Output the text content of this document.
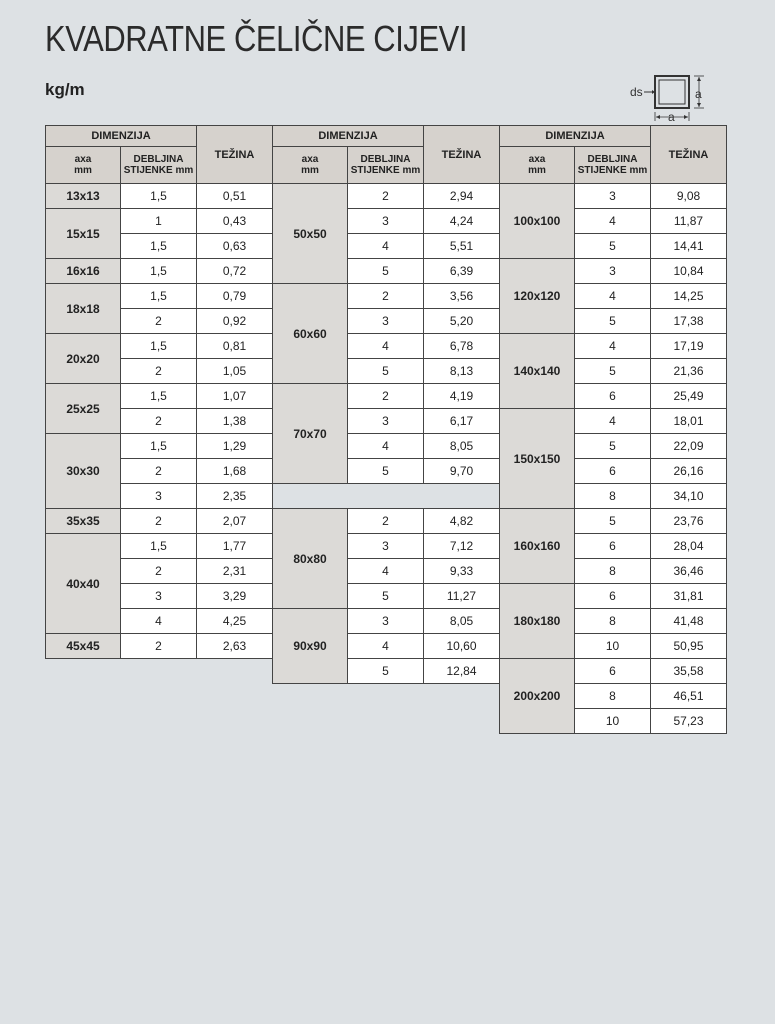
KVADRATNE ČELIČNE CIJEVI
kg/m	ds	a
a
DIMENZIJA		TEŽINA
axa
mm	DEBLJINA
STIJENKE mm	
13x13	1,5	0,51
15x15	1	0,43
	1,5	0,63
16x16	1,5	0,72
18x18	1,5	0,79
	2	0,92
20x20	1,5	0,81
	2	1,05
25x25	1,5	1,07
	2	1,38
30x30	1,5	1,29
	2	1,68
	3	2,35
35x35	2	2,07
40x40	1,5	1,77
	2	2,31
	3	3,29
	4	4,25
45x45	2	2,63
DIMENZIJA		TEŽINA
axa
mm	DEBLJINA
STIJENKE mm	
50x50	2	2,94
	3	4,24
	4	5,51
	5	6,39
60x60	2	3,56
	3	5,20
	4	6,78
	5	8,13
70x70	2	4,19
	3	6,17
	4	8,05
	5	9,70

80x80	2	4,82
	3	7,12
	4	9,33
	5	11,27
90x90	3	8,05
	4	10,60
	5	12,84
DIMENZIJA		TEŽINA
axa
mm	DEBLJINA
STIJENKE mm	
100x100	3	9,08
	4	11,87
	5	14,41
120x120	3	10,84
	4	14,25
	5	17,38
140x140	4	17,19
	5	21,36
	6	25,49
150x150	4	18,01
	5	22,09
	6	26,16
	8	34,10
160x160	5	23,76
	6	28,04
	8	36,46
180x180	6	31,81
	8	41,48
	10	50,95
200x200	6	35,58
	8	46,51
	10	57,23
